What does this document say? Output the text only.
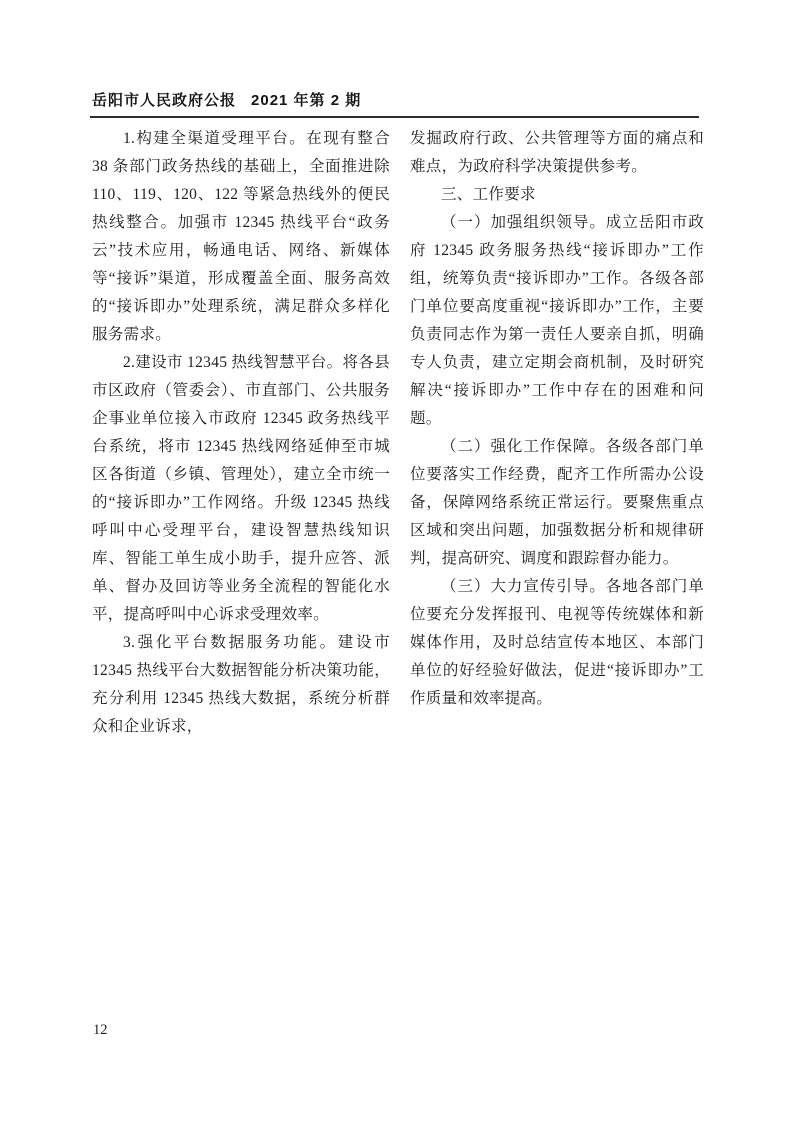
岳阳市人民政府公报 2021 年第 2 期

1.构建全渠道受理平台。在现有整合 38 条部门政务热线的基础上，全面推进除 110、119、120、122 等紧急热线外的便民热线整合。加强市 12345 热线平台“政务云”技术应用，畅通电话、网络、新媒体等“接诉”渠道，形成覆盖全面、服务高效的“接诉即办”处理系统，满足群众多样化服务需求。

2.建设市 12345 热线智慧平台。将各县市区政府（管委会）、市直部门、公共服务企事业单位接入市政府 12345 政务热线平台系统，将市 12345 热线网络延伸至市城区各街道（乡镇、管理处），建立全市统一的“接诉即办”工作网络。升级 12345 热线呼叫中心受理平台，建设智慧热线知识库、智能工单生成小助手，提升应答、派单、督办及回访等业务全流程的智能化水平，提高呼叫中心诉求受理效率。

3.强化平台数据服务功能。建设市 12345 热线平台大数据智能分析决策功能，充分利用 12345 热线大数据，系统分析群众和企业诉求，

发掘政府行政、公共管理等方面的痛点和难点，为政府科学决策提供参考。

三、工作要求

（一）加强组织领导。成立岳阳市政府 12345 政务服务热线“接诉即办”工作组，统筹负责“接诉即办”工作。各级各部门单位要高度重视“接诉即办”工作，主要负责同志作为第一责任人要亲自抓，明确专人负责，建立定期会商机制，及时研究解决“接诉即办”工作中存在的困难和问题。

（二）强化工作保障。各级各部门单位要落实工作经费，配齐工作所需办公设备，保障网络系统正常运行。要聚焦重点区域和突出问题，加强数据分析和规律研判，提高研究、调度和跟踪督办能力。

（三）大力宣传引导。各地各部门单位要充分发挥报刊、电视等传统媒体和新媒体作用，及时总结宣传本地区、本部门单位的好经验好做法，促进“接诉即办”工作质量和效率提高。

12
